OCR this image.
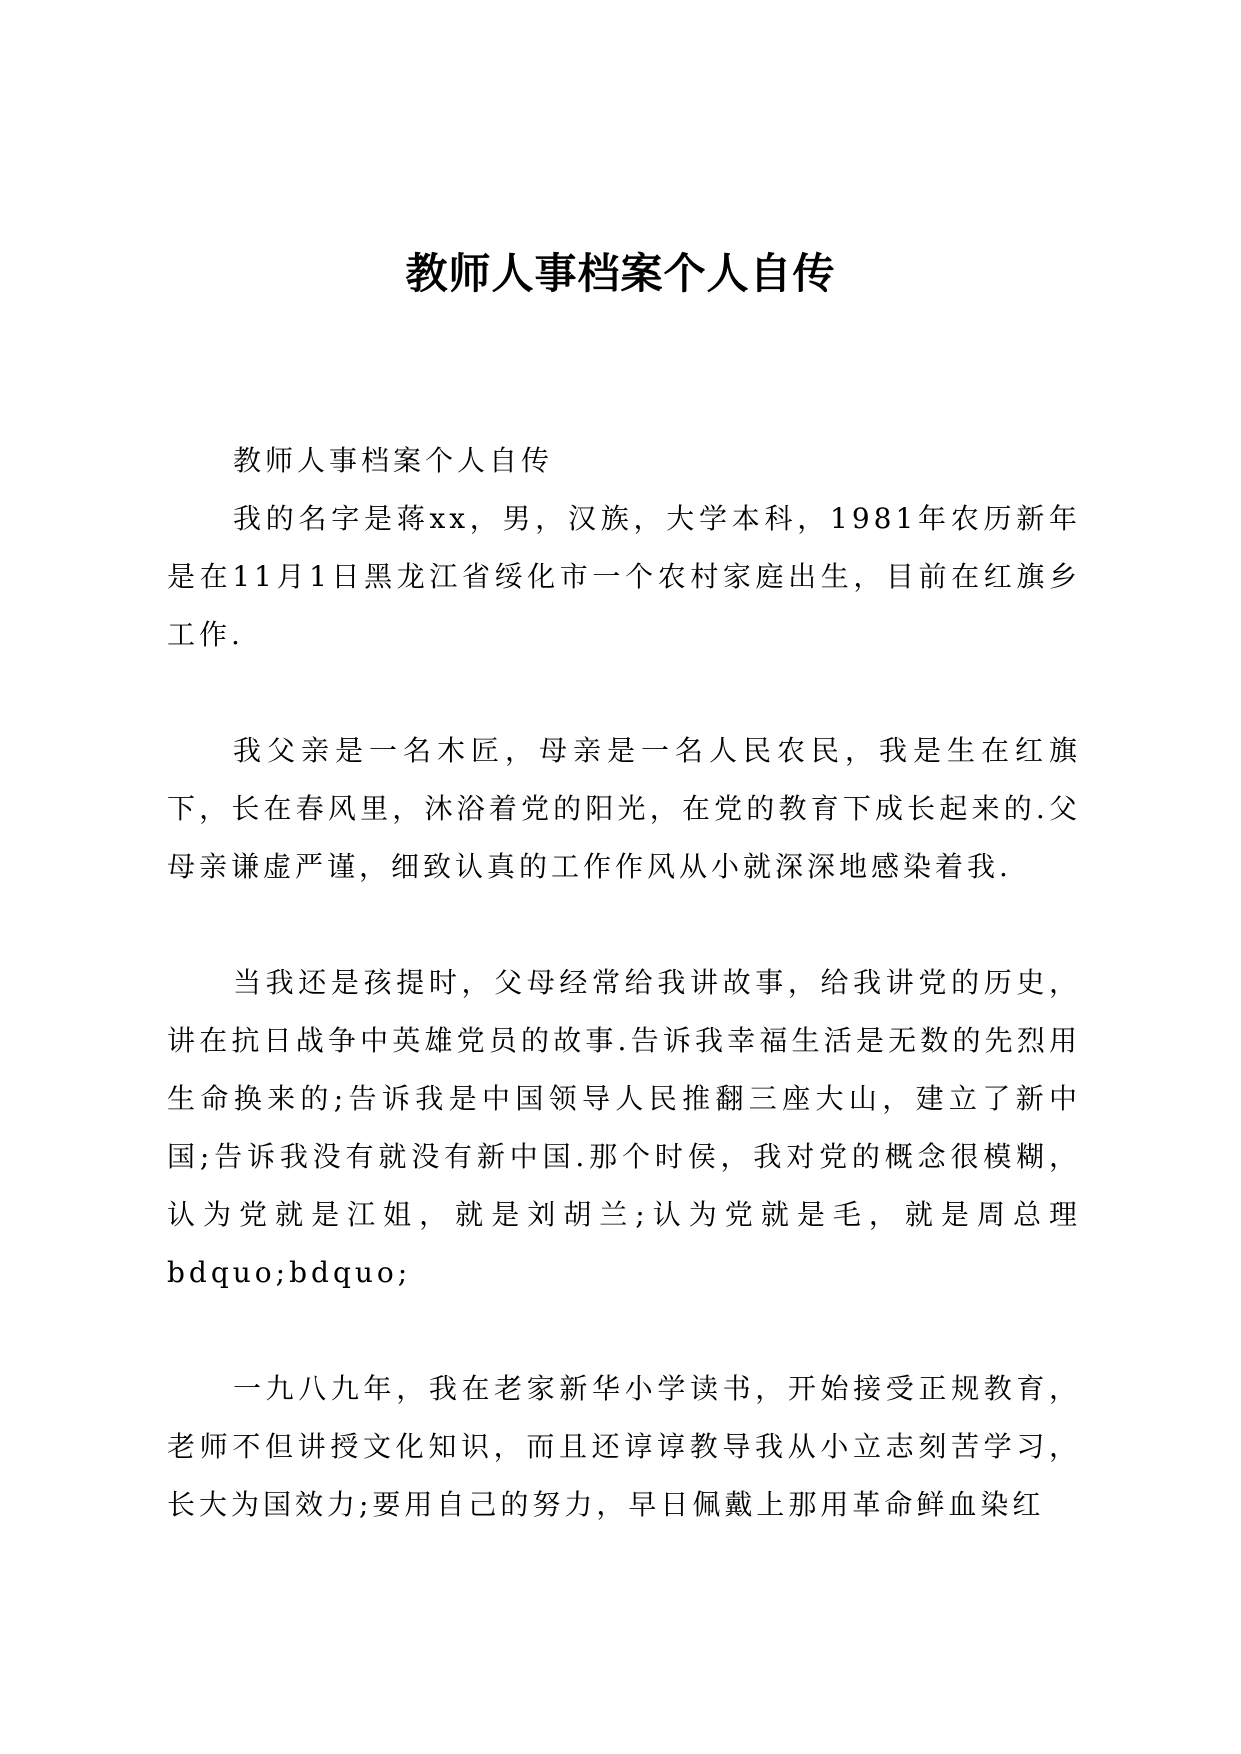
教师人事档案个人自传

教师人事档案个人自传

我的名字是蒋xx，男，汉族，大学本科，1981年农历新年是在11月1日黑龙江省绥化市一个农村家庭出生，目前在红旗乡工作.

我父亲是一名木匠，母亲是一名人民农民，我是生在红旗下，长在春风里，沐浴着党的阳光，在党的教育下成长起来的.父母亲谦虚严谨，细致认真的工作作风从小就深深地感染着我.

当我还是孩提时，父母经常给我讲故事，给我讲党的历史，讲在抗日战争中英雄党员的故事.告诉我幸福生活是无数的先烈用生命换来的;告诉我是中国领导人民推翻三座大山，建立了新中国;告诉我没有就没有新中国.那个时侯，我对党的概念很模糊，认为党就是江姐，就是刘胡兰;认为党就是毛，就是周总理bdquo;bdquo;

一九八九年，我在老家新华小学读书，开始接受正规教育，老师不但讲授文化知识，而且还谆谆教导我从小立志刻苦学习，长大为国效力;要用自己的努力，早日佩戴上那用革命鲜血染红
